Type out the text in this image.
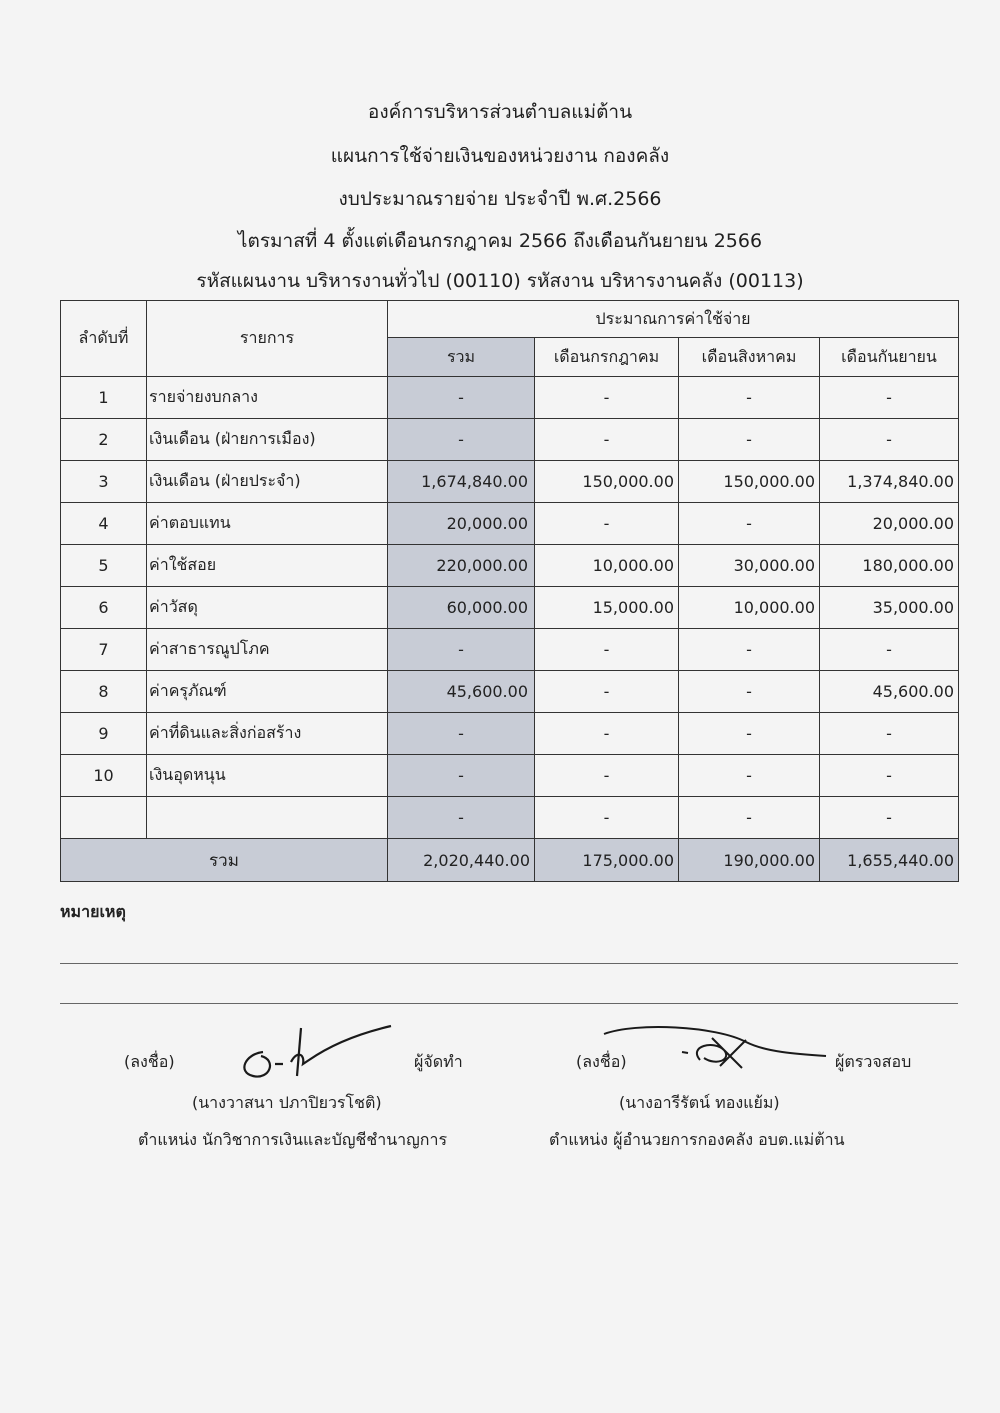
องค์การบริหารส่วนตำบลแม่ต้าน
แผนการใช้จ่ายเงินของหน่วยงาน กองคลัง
งบประมาณรายจ่าย ประจำปี พ.ศ.2566
ไตรมาสที่ 4 ตั้งแต่เดือนกรกฎาคม 2566 ถึงเดือนกันยายน 2566
รหัสแผนงาน บริหารงานทั่วไป (00110) รหัสงาน บริหารงานคลัง (00113)
ลำดับที่	รายการ	ประมาณการค่าใช้จ่าย			
		รวม	เดือนกรกฎาคม	เดือนสิงหาคม	เดือนกันยายน
1	รายจ่ายงบกลาง	-	-	-	-
2	เงินเดือน (ฝ่ายการเมือง)	-	-	-	-
3	เงินเดือน (ฝ่ายประจำ)	1,674,840.00	150,000.00	150,000.00	1,374,840.00
4	ค่าตอบแทน	20,000.00	-	-	20,000.00
5	ค่าใช้สอย	220,000.00	10,000.00	30,000.00	180,000.00
6	ค่าวัสดุ	60,000.00	15,000.00	10,000.00	35,000.00
7	ค่าสาธารณูปโภค	-	-	-	-
8	ค่าครุภัณฑ์	45,600.00	-	-	45,600.00
9	ค่าที่ดินและสิ่งก่อสร้าง	-	-	-	-
10	เงินอุดหนุน	-	-	-	-
		-	-	-	-
รวม		2,020,440.00	175,000.00	190,000.00	1,655,440.00
หมายเหตุ
(ลงชื่อ)	ผู้จัดทำ
(นางวาสนา ปภาปิยวรโชติ)
ตำแหน่ง นักวิชาการเงินและบัญชีชำนาญการ
(ลงชื่อ)	ผู้ตรวจสอบ
(นางอารีรัตน์ ทองแย้ม)
ตำแหน่ง ผู้อำนวยการกองคลัง อบต.แม่ต้าน
